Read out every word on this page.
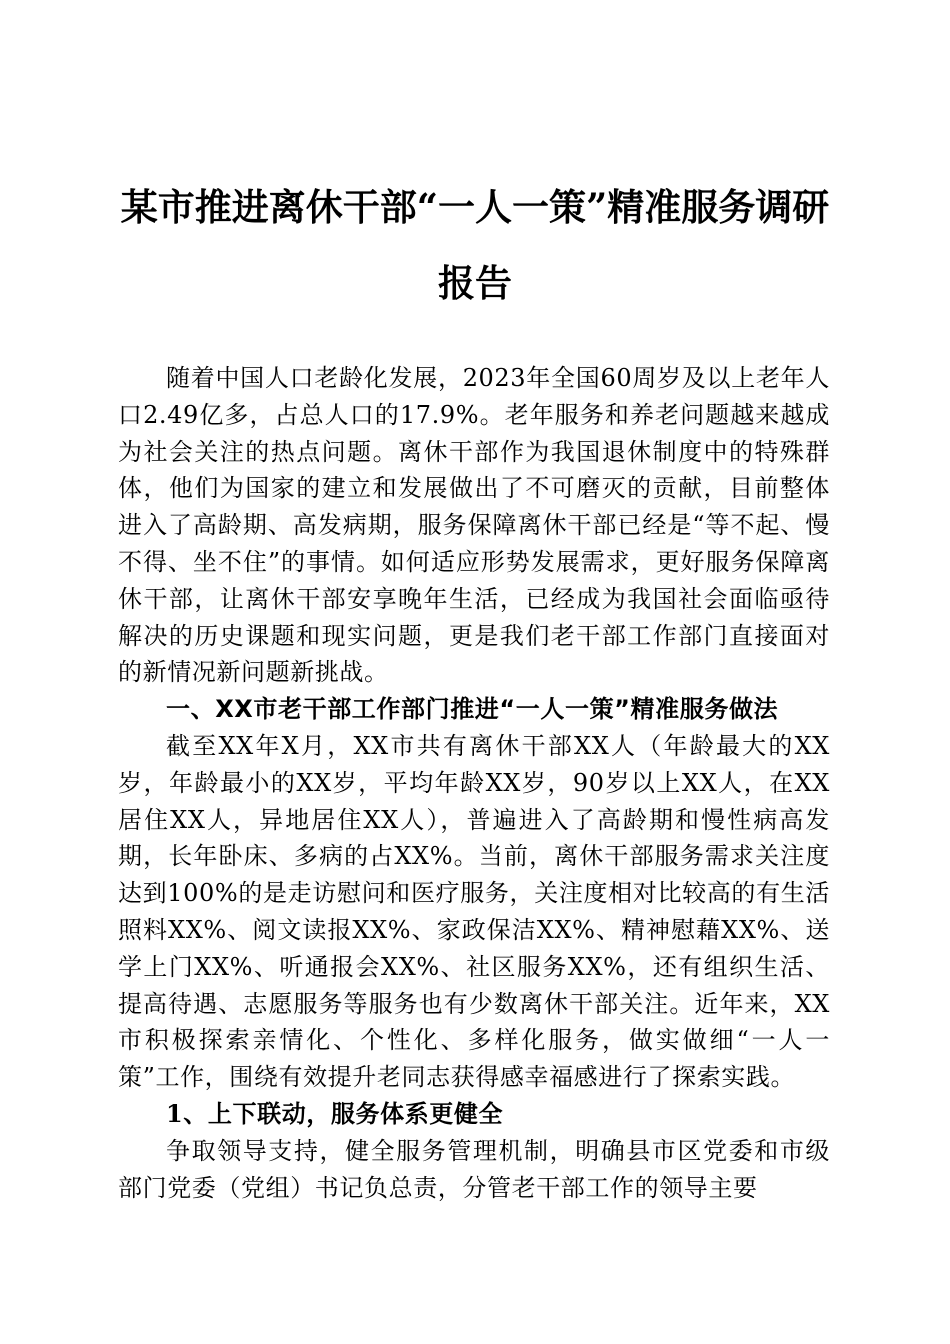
某市推进离休干部“一人一策”精准服务调研
报告

随着中国人口老龄化发展，2023年全国60周岁及以上老年人口2.49亿多，占总人口的17.9%。老年服务和养老问题越来越成为社会关注的热点问题。离休干部作为我国退休制度中的特殊群体，他们为国家的建立和发展做出了不可磨灭的贡献，目前整体进入了高龄期、高发病期，服务保障离休干部已经是“等不起、慢不得、坐不住”的事情。如何适应形势发展需求，更好服务保障离休干部，让离休干部安享晚年生活，已经成为我国社会面临亟待解决的历史课题和现实问题，更是我们老干部工作部门直接面对的新情况新问题新挑战。

一、XX市老干部工作部门推进“一人一策”精准服务做法

截至XX年X月，XX市共有离休干部XX人（年龄最大的XX岁，年龄最小的XX岁，平均年龄XX岁，90岁以上XX人，在XX居住XX人，异地居住XX人），普遍进入了高龄期和慢性病高发期，长年卧床、多病的占XX%。当前，离休干部服务需求关注度达到100%的是走访慰问和医疗服务，关注度相对比较高的有生活照料XX%、阅文读报XX%、家政保洁XX%、精神慰藉XX%、送学上门XX%、听通报会XX%、社区服务XX%，还有组织生活、提高待遇、志愿服务等服务也有少数离休干部关注。近年来，XX市积极探索亲情化、个性化、多样化服务，做实做细“一人一策”工作，围绕有效提升老同志获得感幸福感进行了探索实践。

1、上下联动，服务体系更健全

争取领导支持，健全服务管理机制，明确县市区党委和市级部门党委（党组）书记负总责，分管老干部工作的领导主要
